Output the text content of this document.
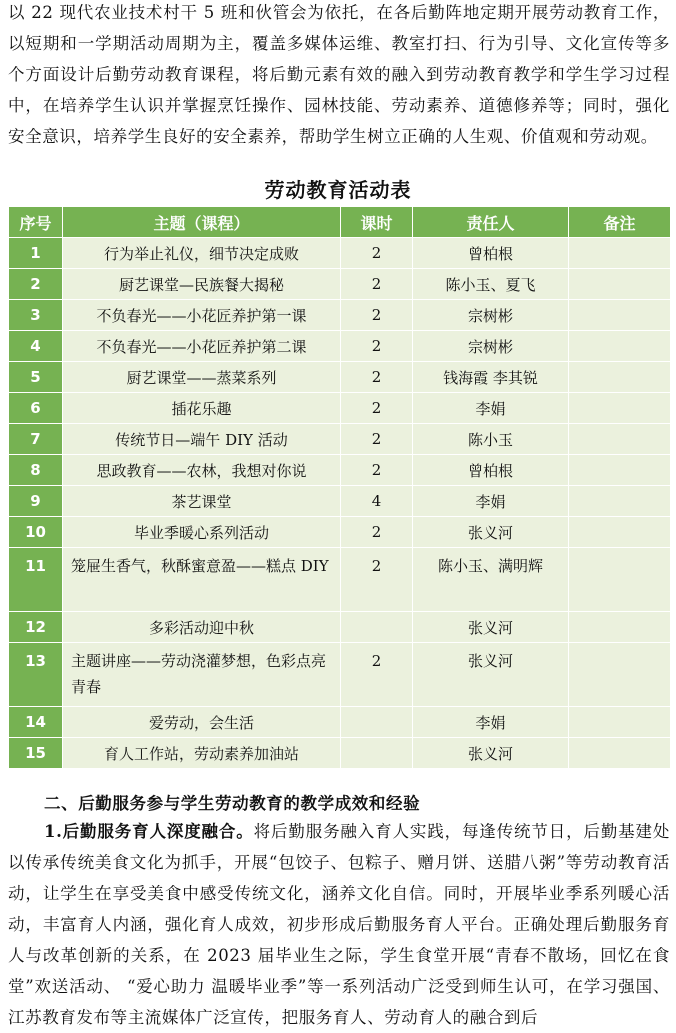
以 22 现代农业技术村干 5 班和伙管会为依托，在各后勤阵地定期开展劳动教育工作，以短期和一学期活动周期为主，覆盖多媒体运维、教室打扫、行为引导、文化宣传等多个方面设计后勤劳动教育课程，将后勤元素有效的融入到劳动教育教学和学生学习过程中，在培养学生认识并掌握烹饪操作、园林技能、劳动素养、道德修养等；同时，强化安全意识，培养学生良好的安全素养，帮助学生树立正确的人生观、价值观和劳动观。

劳动教育活动表
序号	主题（课程）	课时	责任人	备注
1	行为举止礼仪，细节决定成败	2	曾柏根	
2	厨艺课堂—民族餐大揭秘	2	陈小玉、夏飞	
3	不负春光——小花匠养护第一课	2	宗树彬	
4	不负春光——小花匠养护第二课	2	宗树彬	
5	厨艺课堂——蒸菜系列	2	钱海霞 李其锐	
6	插花乐趣	2	李娟	
7	传统节日—端午 DIY 活动	2	陈小玉	
8	思政教育——农林，我想对你说	2	曾柏根	
9	茶艺课堂	4	李娟	
10	毕业季暖心系列活动	2	张义河	
11	笼屉生香气，秋酥蜜意盈——糕点 DIY	2	陈小玉、满明辉	
12	多彩活动迎中秋		张义河	
13	主题讲座——劳动浇灌梦想，色彩点亮青春	2	张义河	
14	爱劳动，会生活		李娟	
15	育人工作站，劳动素养加油站		张义河	
二、后勤服务参与学生劳动教育的教学成效和经验

1.后勤服务育人深度融合。将后勤服务融入育人实践，每逢传统节日，后勤基建处以传承传统美食文化为抓手，开展“包饺子、包粽子、赠月饼、送腊八粥”等劳动教育活动，让学生在享受美食中感受传统文化，涵养文化自信。同时，开展毕业季系列暖心活动，丰富育人内涵，强化育人成效，初步形成后勤服务育人平台。正确处理后勤服务育人与改革创新的关系，在 2023 届毕业生之际，学生食堂开展“青春不散场，回忆在食堂”欢送活动、 “爱心助力 温暖毕业季”等一系列活动广泛受到师生认可，在学习强国、江苏教育发布等主流媒体广泛宣传，把服务育人、劳动育人的融合到后
